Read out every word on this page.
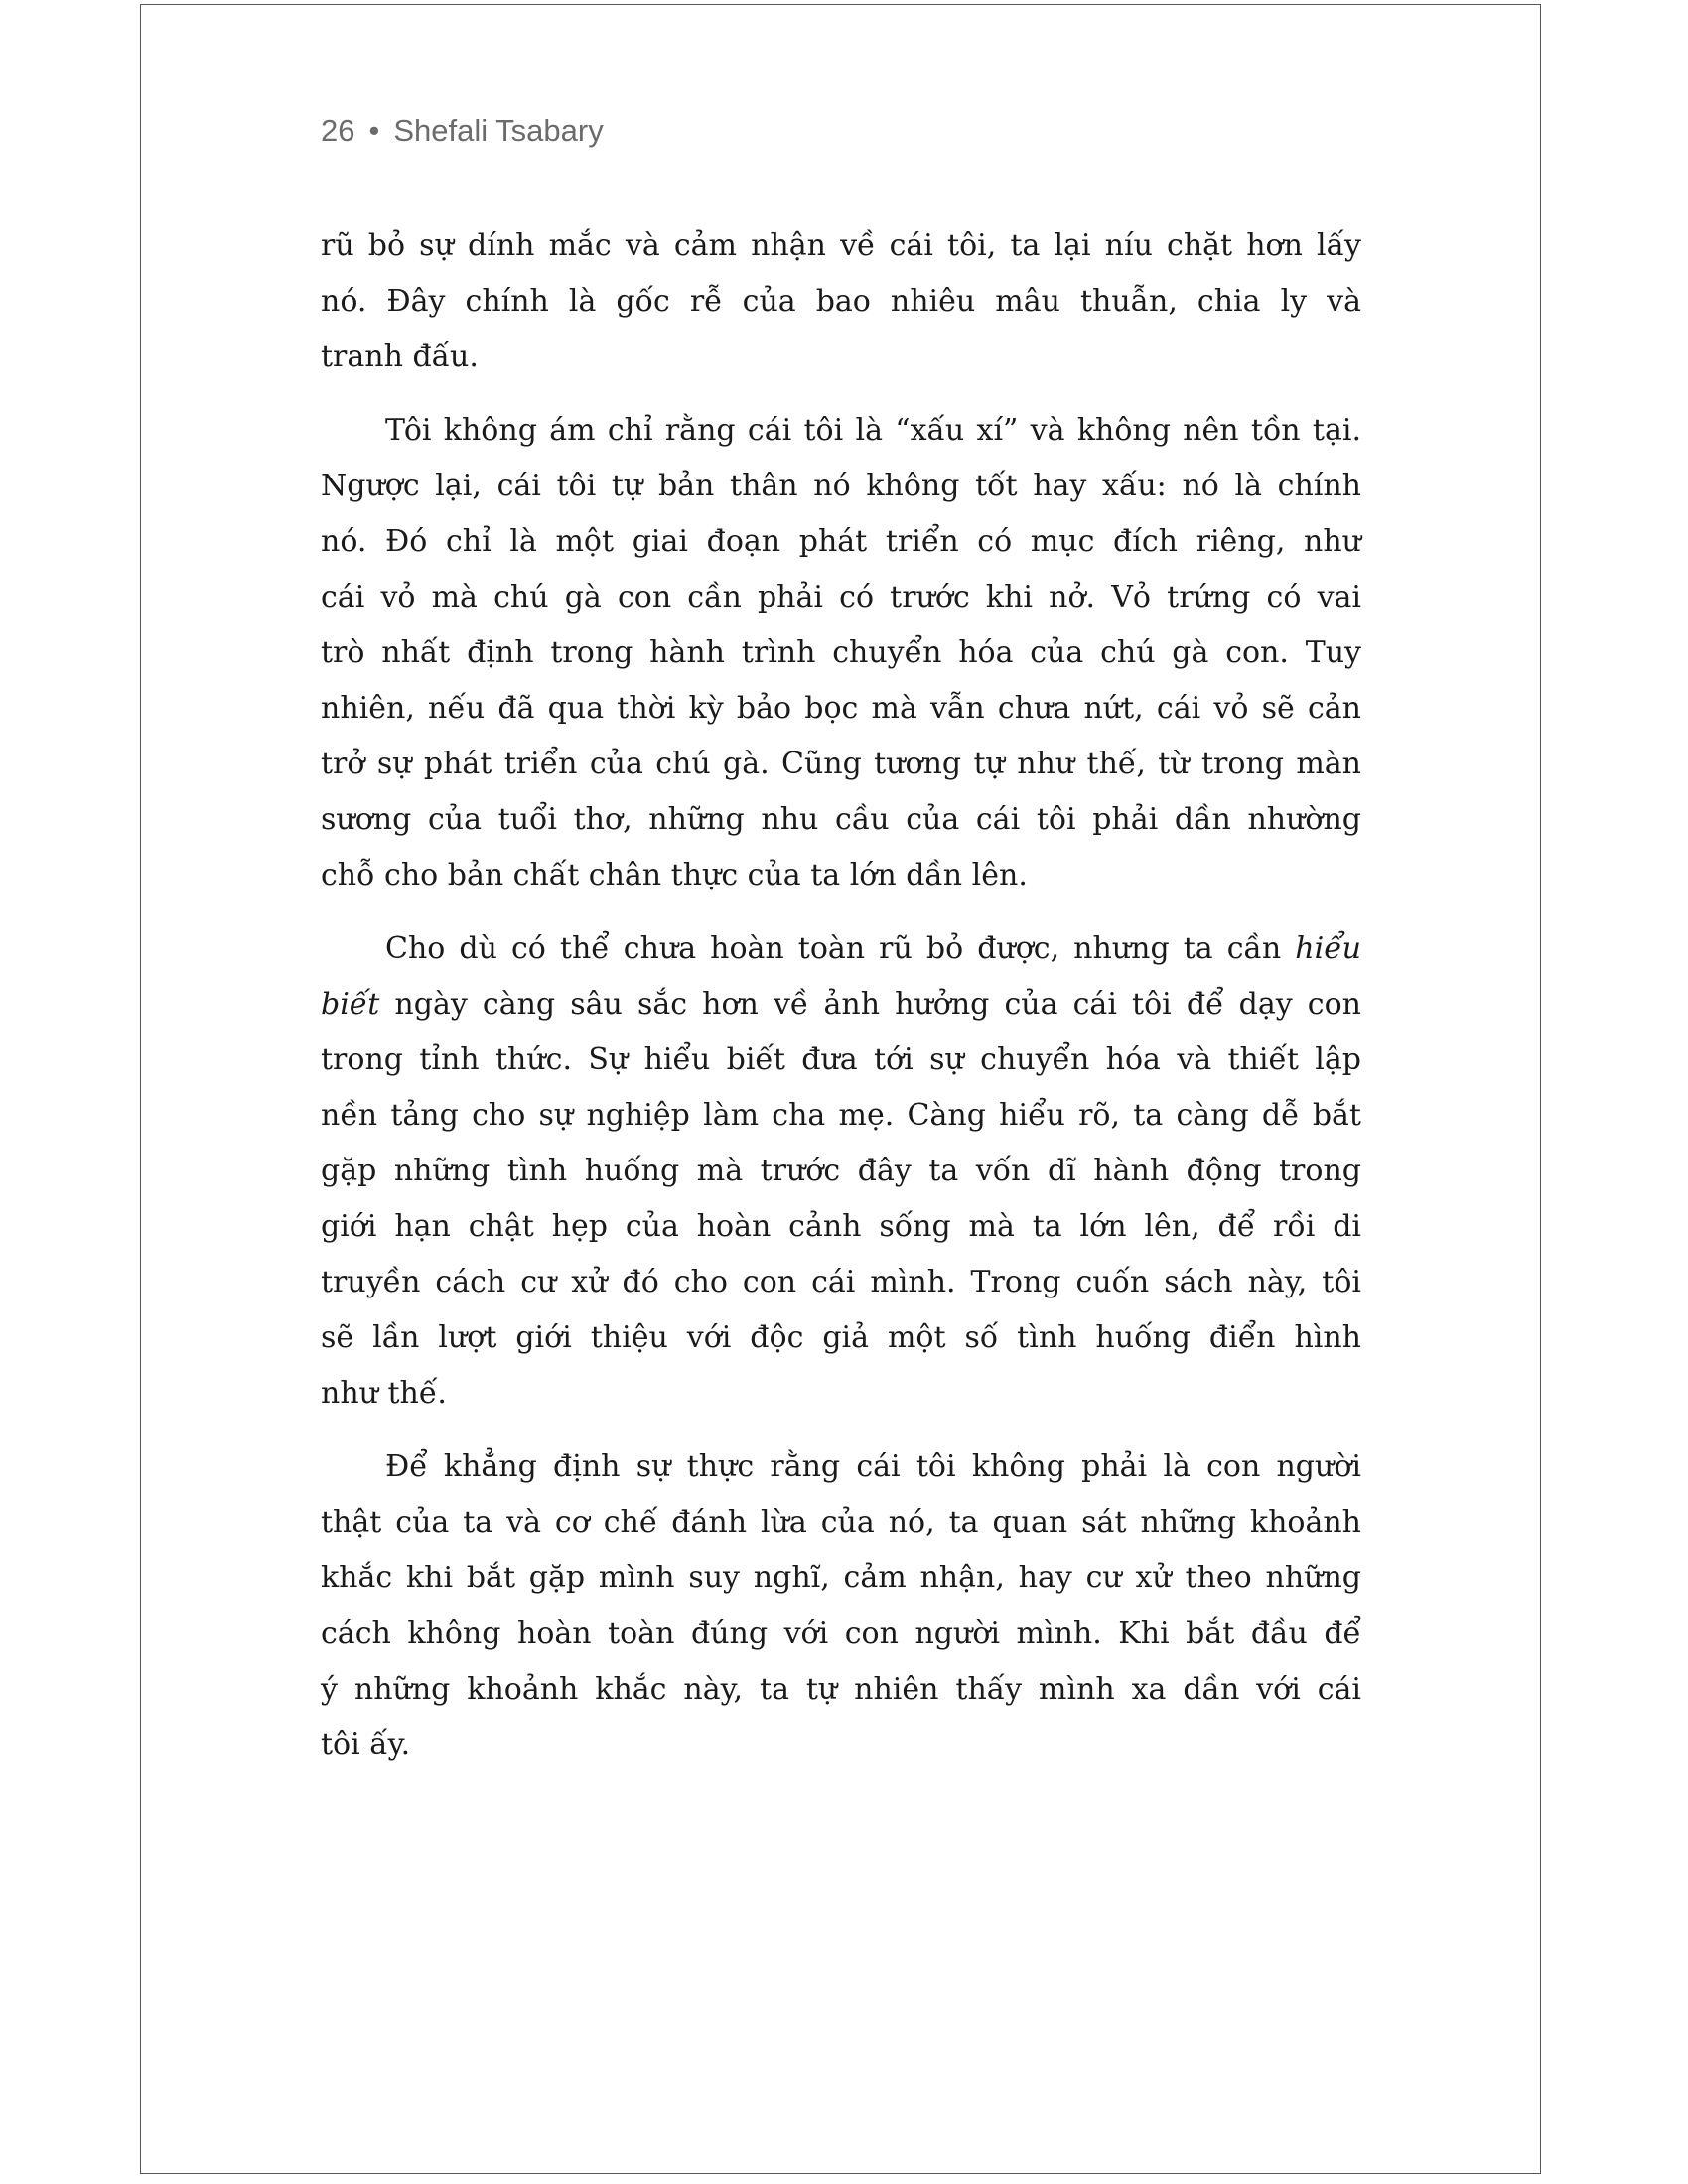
26 • Shefali Tsabary
rũ bỏ sự dính mắc và cảm nhận về cái tôi, ta lại níu chặt hơn lấy
nó. Đây chính là gốc rễ của bao nhiêu mâu thuẫn, chia ly và
tranh đấu.
Tôi không ám chỉ rằng cái tôi là “xấu xí” và không nên tồn tại.
Ngược lại, cái tôi tự bản thân nó không tốt hay xấu: nó là chính
nó. Đó chỉ là một giai đoạn phát triển có mục đích riêng, như
cái vỏ mà chú gà con cần phải có trước khi nở. Vỏ trứng có vai
trò nhất định trong hành trình chuyển hóa của chú gà con. Tuy
nhiên, nếu đã qua thời kỳ bảo bọc mà vẫn chưa nứt, cái vỏ sẽ cản
trở sự phát triển của chú gà. Cũng tương tự như thế, từ trong màn
sương của tuổi thơ, những nhu cầu của cái tôi phải dần nhường
chỗ cho bản chất chân thực của ta lớn dần lên.
Cho dù có thể chưa hoàn toàn rũ bỏ được, nhưng ta cần hiểu
biết ngày càng sâu sắc hơn về ảnh hưởng của cái tôi để dạy con
trong tỉnh thức. Sự hiểu biết đưa tới sự chuyển hóa và thiết lập
nền tảng cho sự nghiệp làm cha mẹ. Càng hiểu rõ, ta càng dễ bắt
gặp những tình huống mà trước đây ta vốn dĩ hành động trong
giới hạn chật hẹp của hoàn cảnh sống mà ta lớn lên, để rồi di
truyền cách cư xử đó cho con cái mình. Trong cuốn sách này, tôi
sẽ lần lượt giới thiệu với độc giả một số tình huống điển hình
như thế.
Để khẳng định sự thực rằng cái tôi không phải là con người
thật của ta và cơ chế đánh lừa của nó, ta quan sát những khoảnh
khắc khi bắt gặp mình suy nghĩ, cảm nhận, hay cư xử theo những
cách không hoàn toàn đúng với con người mình. Khi bắt đầu để
ý những khoảnh khắc này, ta tự nhiên thấy mình xa dần với cái
tôi ấy.
